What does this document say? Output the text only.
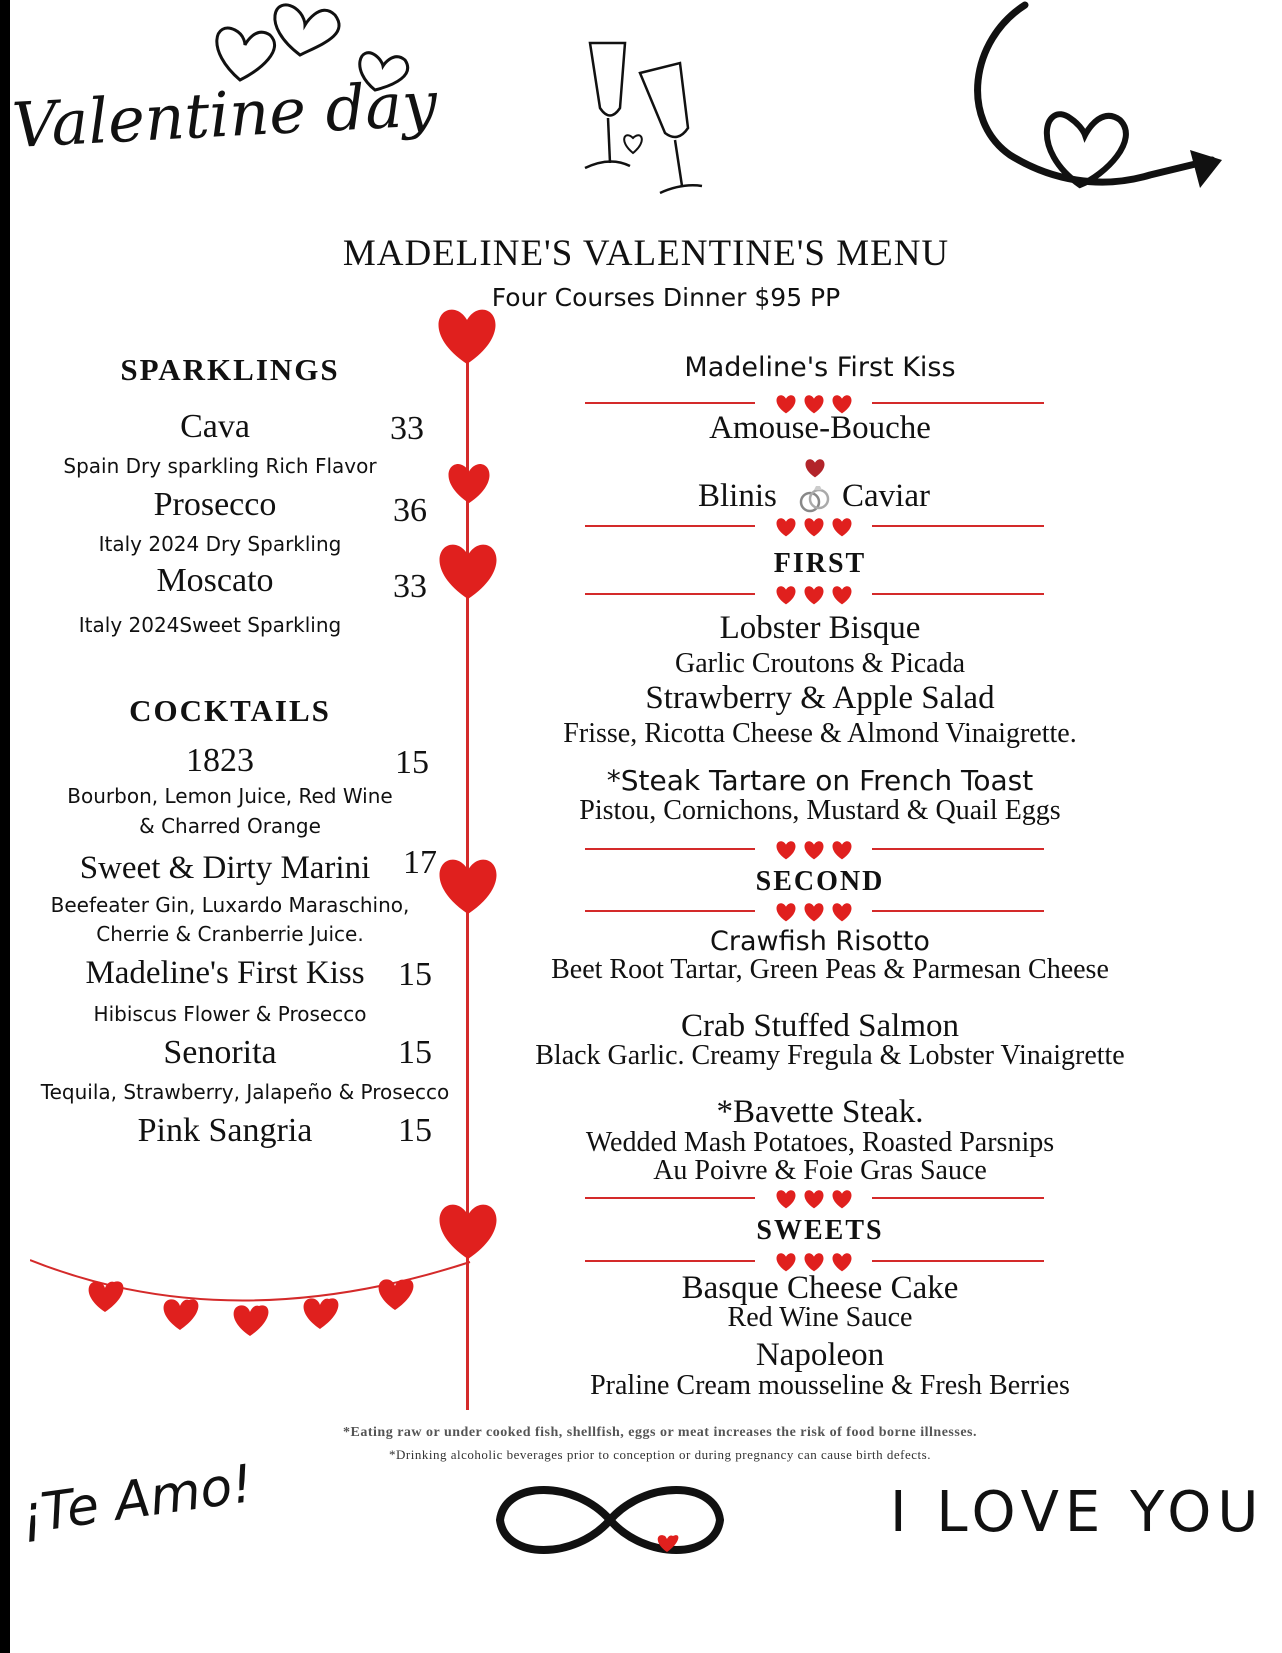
Valentine day
MADELINE'S VALENTINE'S MENU
Four Courses Dinner $95 PP
SPARKLINGS
Cava	33
Spain Dry sparkling Rich Flavor
Prosecco	36
Italy 2024 Dry Sparkling
Moscato	33
Italy 2024Sweet Sparkling
COCKTAILS
1823	15
Bourbon, Lemon Juice, Red Wine
& Charred Orange
Sweet & Dirty Marini 17
Beefeater Gin, Luxardo Maraschino,
Cherrie & Cranberrie Juice.
Madeline's First Kiss 15
Hibiscus Flower & Prosecco
Senorita	15
Tequila, Strawberry, Jalapeño & Prosecco
Pink Sangria	15
Madeline's First Kiss
Amouse-Bouche
Blinis Caviar
FIRST
Lobster Bisque
Garlic Croutons & Picada
Strawberry & Apple Salad
Frisse, Ricotta Cheese & Almond Vinaigrette.
*Steak Tartare on French Toast
Pistou, Cornichons, Mustard & Quail Eggs
SECOND
Crawfish Risotto
Beet Root Tartar, Green Peas & Parmesan Cheese
Crab Stuffed Salmon
Black Garlic. Creamy Fregula & Lobster Vinaigrette
*Bavette Steak.
Wedded Mash Potatoes, Roasted Parsnips
Au Poivre & Foie Gras Sauce
SWEETS
Basque Cheese Cake
Red Wine Sauce
Napoleon
Praline Cream mousseline & Fresh Berries
*Eating raw or under cooked fish, shellfish, eggs or meat increases the risk of food borne illnesses.
*Drinking alcoholic beverages prior to conception or during pregnancy can cause birth defects.
¡Te Amo!	I LOVE YOU
